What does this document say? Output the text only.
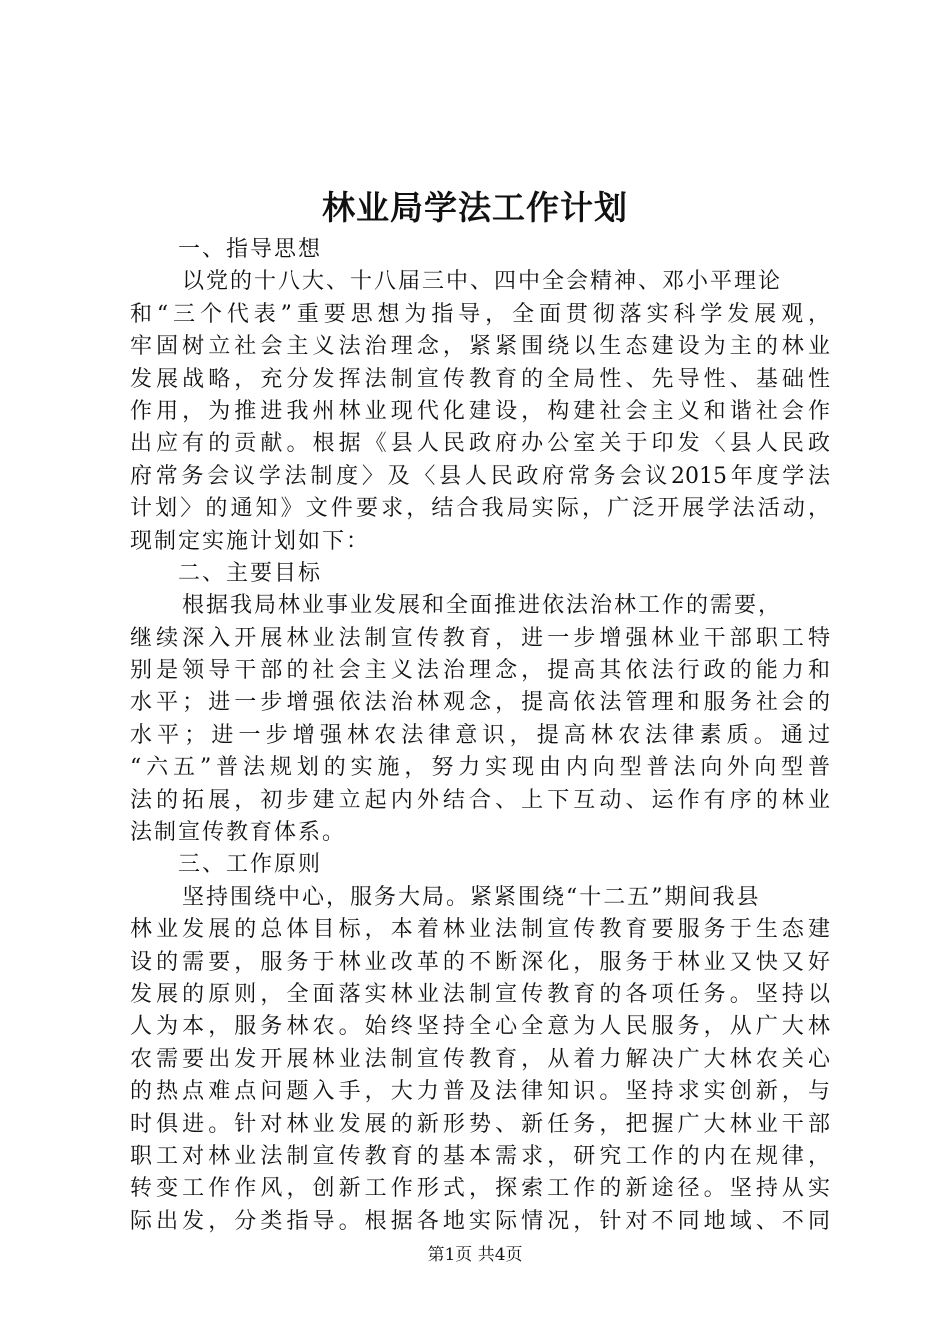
林业局学法工作计划
一、指导思想
以党的十八大、十八届三中、四中全会精神、邓小平理论
和“三个代表”重要思想为指导，全面贯彻落实科学发展观，
牢固树立社会主义法治理念，紧紧围绕以生态建设为主的林业
发展战略，充分发挥法制宣传教育的全局性、先导性、基础性
作用，为推进我州林业现代化建设，构建社会主义和谐社会作
出应有的贡献。根据《县人民政府办公室关于印发〈县人民政
府常务会议学法制度〉及〈县人民政府常务会议2015年度学法
计划〉的通知》文件要求，结合我局实际，广泛开展学法活动，
现制定实施计划如下：
二、主要目标
根据我局林业事业发展和全面推进依法治林工作的需要，
继续深入开展林业法制宣传教育，进一步增强林业干部职工特
别是领导干部的社会主义法治理念，提高其依法行政的能力和
水平；进一步增强依法治林观念，提高依法管理和服务社会的
水平；进一步增强林农法律意识，提高林农法律素质。通过
“六五”普法规划的实施，努力实现由内向型普法向外向型普
法的拓展，初步建立起内外结合、上下互动、运作有序的林业
法制宣传教育体系。
三、工作原则
坚持围绕中心，服务大局。紧紧围绕“十二五”期间我县
林业发展的总体目标，本着林业法制宣传教育要服务于生态建
设的需要，服务于林业改革的不断深化，服务于林业又快又好
发展的原则，全面落实林业法制宣传教育的各项任务。坚持以
人为本，服务林农。始终坚持全心全意为人民服务，从广大林
农需要出发开展林业法制宣传教育，从着力解决广大林农关心
的热点难点问题入手，大力普及法律知识。坚持求实创新，与
时俱进。针对林业发展的新形势、新任务，把握广大林业干部
职工对林业法制宣传教育的基本需求，研究工作的内在规律，
转变工作作风，创新工作形式，探索工作的新途径。坚持从实
际出发，分类指导。根据各地实际情况，针对不同地域、不同
第1页 共4页
